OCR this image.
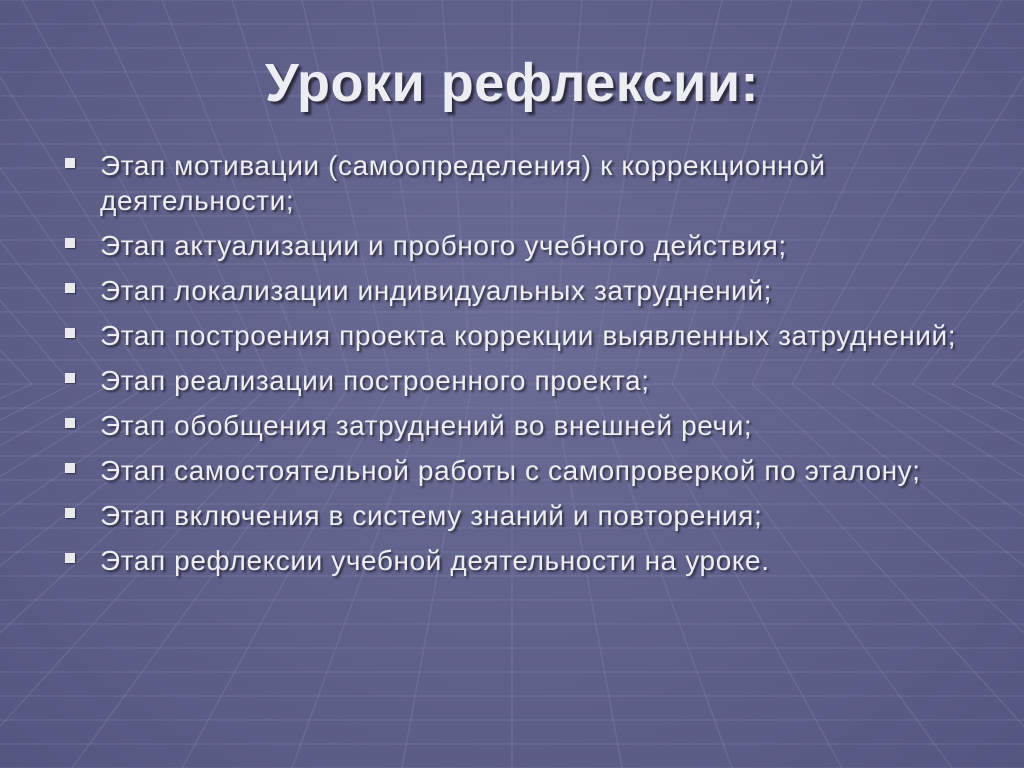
Уроки рефлексии:
Этап мотивации (самоопределения) к коррекционной деятельности;
Этап актуализации и пробного учебного действия;
Этап локализации индивидуальных затруднений;
Этап построения проекта коррекции выявленных затруднений;
Этап реализации построенного проекта;
Этап обобщения затруднений во внешней речи;
Этап самостоятельной работы с самопроверкой по эталону;
Этап включения в систему знаний и повторения;
Этап рефлексии учебной деятельности на уроке.
